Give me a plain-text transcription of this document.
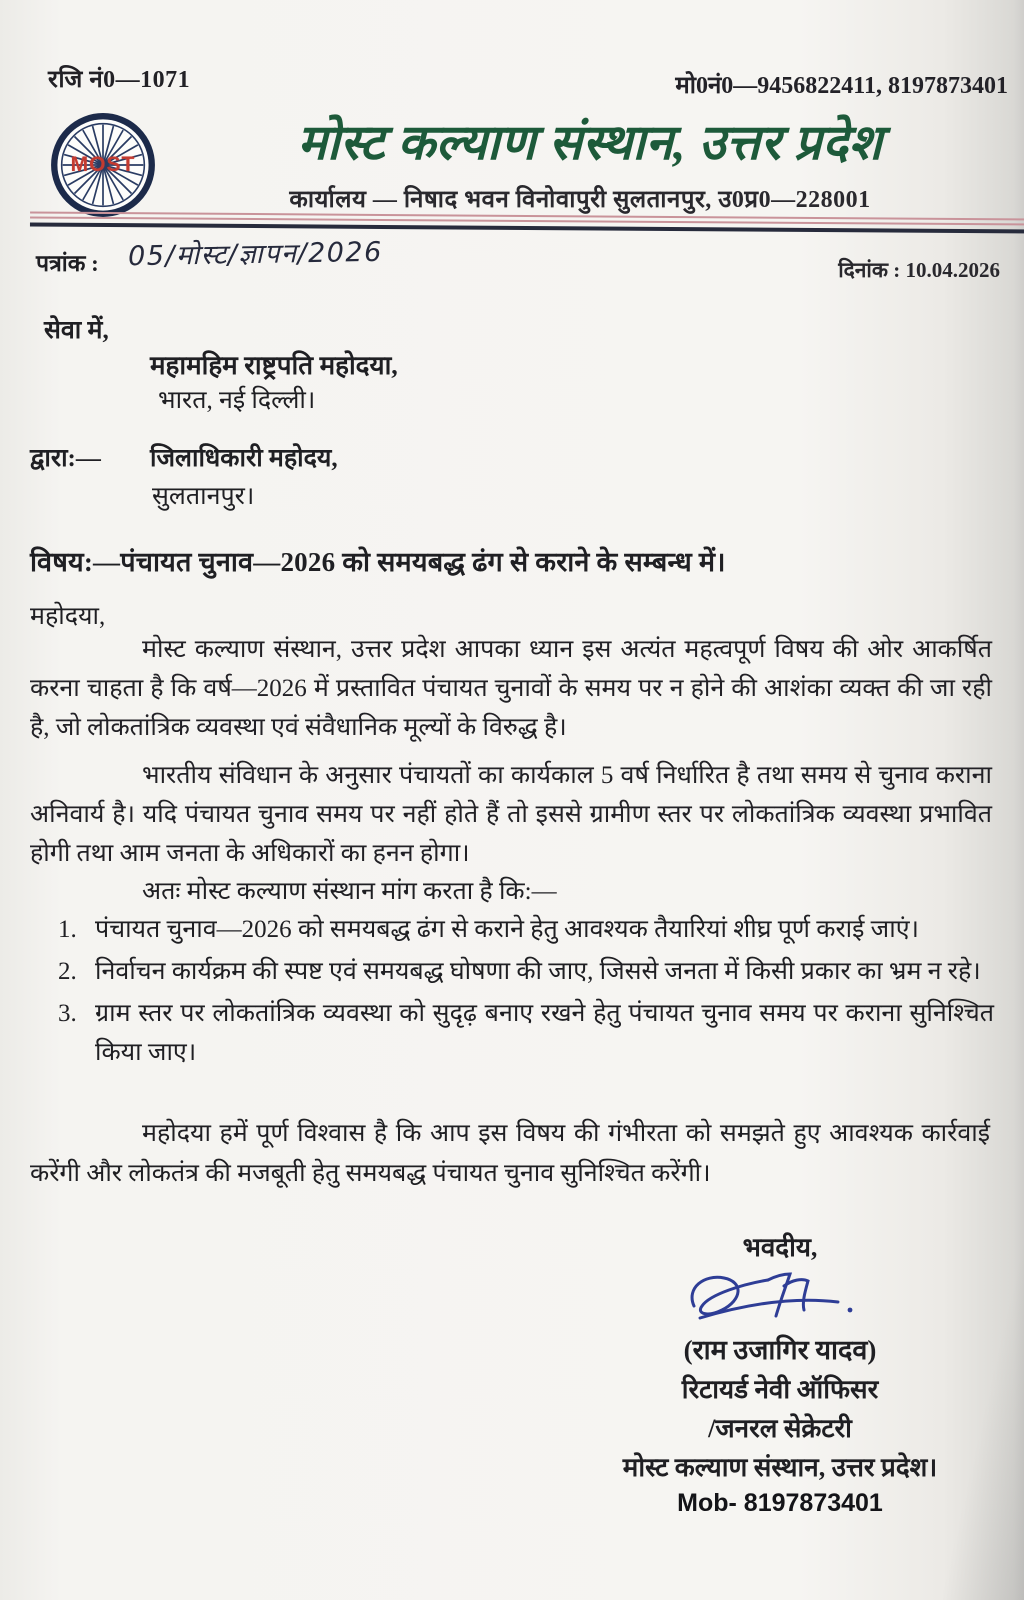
रजि नं0—1071	मो0नं0—9456822411, 8197873401
MOST	मोस्ट कल्याण संस्थान, उत्तर प्रदेश
कार्यालय — निषाद भवन विनोवापुरी सुलतानपुर, उ0प्र0—228001
पत्रांक : 05/मोस्ट/ज्ञापन/2026	दिनांक : 10.04.2026
सेवा में,
महामहिम राष्ट्रपति महोदया,
भारत, नई दिल्ली।
द्वारा:— जिलाधिकारी महोदय,
सुलतानपुर।
विषय:—पंचायत चुनाव—2026 को समयबद्ध ढंग से कराने के सम्बन्ध में।
महोदया,

मोस्ट कल्याण संस्थान, उत्तर प्रदेश आपका ध्यान इस अत्यंत महत्वपूर्ण विषय की ओर आकर्षित करना चाहता है कि वर्ष—2026 में प्रस्तावित पंचायत चुनावों के समय पर न होने की आशंका व्यक्त की जा रही है, जो लोकतांत्रिक व्यवस्था एवं संवैधानिक मूल्यों के विरुद्ध है।

भारतीय संविधान के अनुसार पंचायतों का कार्यकाल 5 वर्ष निर्धारित है तथा समय से चुनाव कराना अनिवार्य है। यदि पंचायत चुनाव समय पर नहीं होते हैं तो इससे ग्रामीण स्तर पर लोकतांत्रिक व्यवस्था प्रभावित होगी तथा आम जनता के अधिकारों का हनन होगा।

अतः मोस्ट कल्याण संस्थान मांग करता है कि:—
1. पंचायत चुनाव—2026 को समयबद्ध ढंग से कराने हेतु आवश्यक तैयारियां शीघ्र पूर्ण कराई जाएं।
2. निर्वाचन कार्यक्रम की स्पष्ट एवं समयबद्ध घोषणा की जाए, जिससे जनता में किसी प्रकार का भ्रम न रहे।
3. ग्राम स्तर पर लोकतांत्रिक व्यवस्था को सुदृढ़ बनाए रखने हेतु पंचायत चुनाव समय पर कराना सुनिश्चित किया जाए।

महोदया हमें पूर्ण विश्वास है कि आप इस विषय की गंभीरता को समझते हुए आवश्यक कार्रवाई करेंगी और लोकतंत्र की मजबूती हेतु समयबद्ध पंचायत चुनाव सुनिश्चित करेंगी।

भवदीय,
(राम उजागिर यादव)
रिटायर्ड नेवी ऑफिसर
/जनरल सेक्रेटरी
मोस्ट कल्याण संस्थान, उत्तर प्रदेश।
Mob- 8197873401
